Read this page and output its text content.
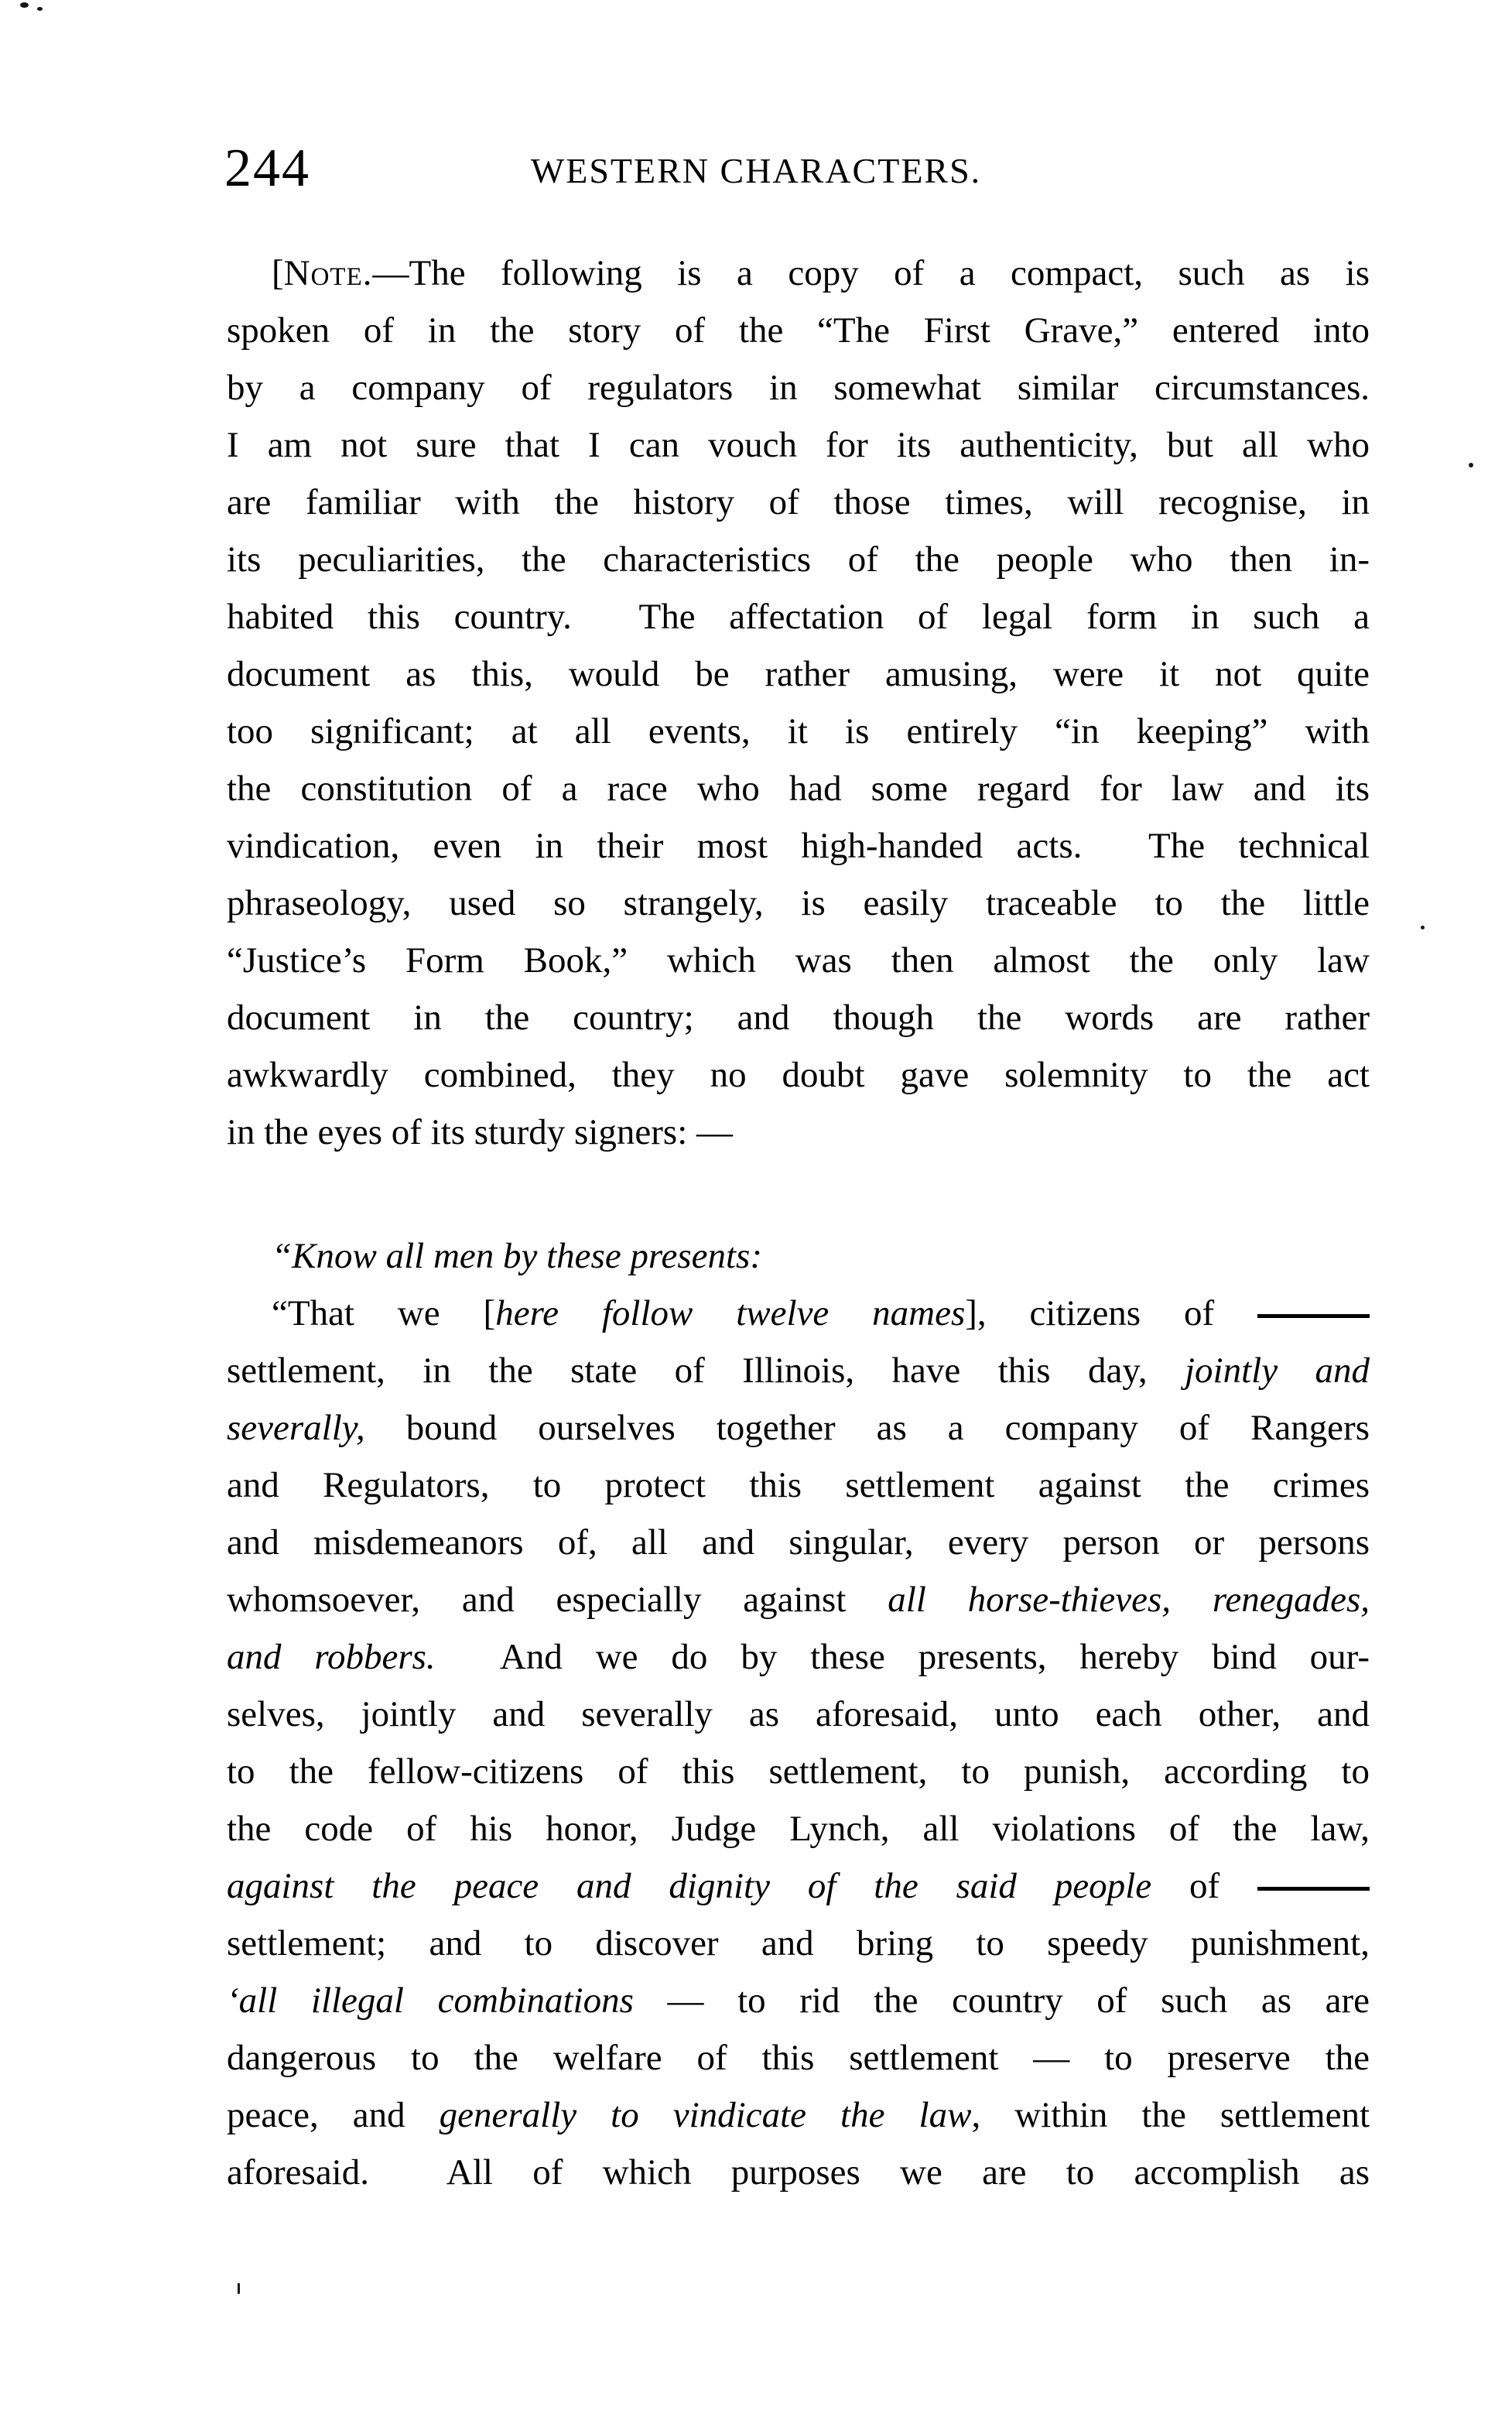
244	WESTERN CHARACTERS.
[Note.—The following is a copy of a compact, such as is
spoken of in the story of the “The First Grave,” entered into
by a company of regulators in somewhat similar circumstances.
I am not sure that I can vouch for its authenticity, but all who
are familiar with the history of those times, will recognise, in
its peculiarities, the characteristics of the people who then in-
habited this country.  The affectation of legal form in such a
document as this, would be rather amusing, were it not quite
too significant; at all events, it is entirely “in keeping” with
the constitution of a race who had some regard for law and its
vindication, even in their most high-handed acts.  The technical
phraseology, used so strangely, is easily traceable to the little
“Justice’s Form Book,” which was then almost the only law
document in the country; and though the words are rather
awkwardly combined, they no doubt gave solemnity to the act
in the eyes of its sturdy signers: —
“Know all men by these presents:
“That we [here follow twelve names], citizens of
settlement, in the state of Illinois, have this day, jointly and
severally, bound ourselves together as a company of Rangers
and Regulators, to protect this settlement against the crimes
and misdemeanors of, all and singular, every person or persons
whomsoever, and especially against all horse-thieves, renegades,
and robbers.  And we do by these presents, hereby bind our-
selves, jointly and severally as aforesaid, unto each other, and
to the fellow-citizens of this settlement, to punish, according to
the code of his honor, Judge Lynch, all violations of the law,
against the peace and dignity of the said people of
settlement; and to discover and bring to speedy punishment,
‘all illegal combinations — to rid the country of such as are
dangerous to the welfare of this settlement — to preserve the
peace, and generally to vindicate the law, within the settlement
aforesaid.  All of which purposes we are to accomplish as
